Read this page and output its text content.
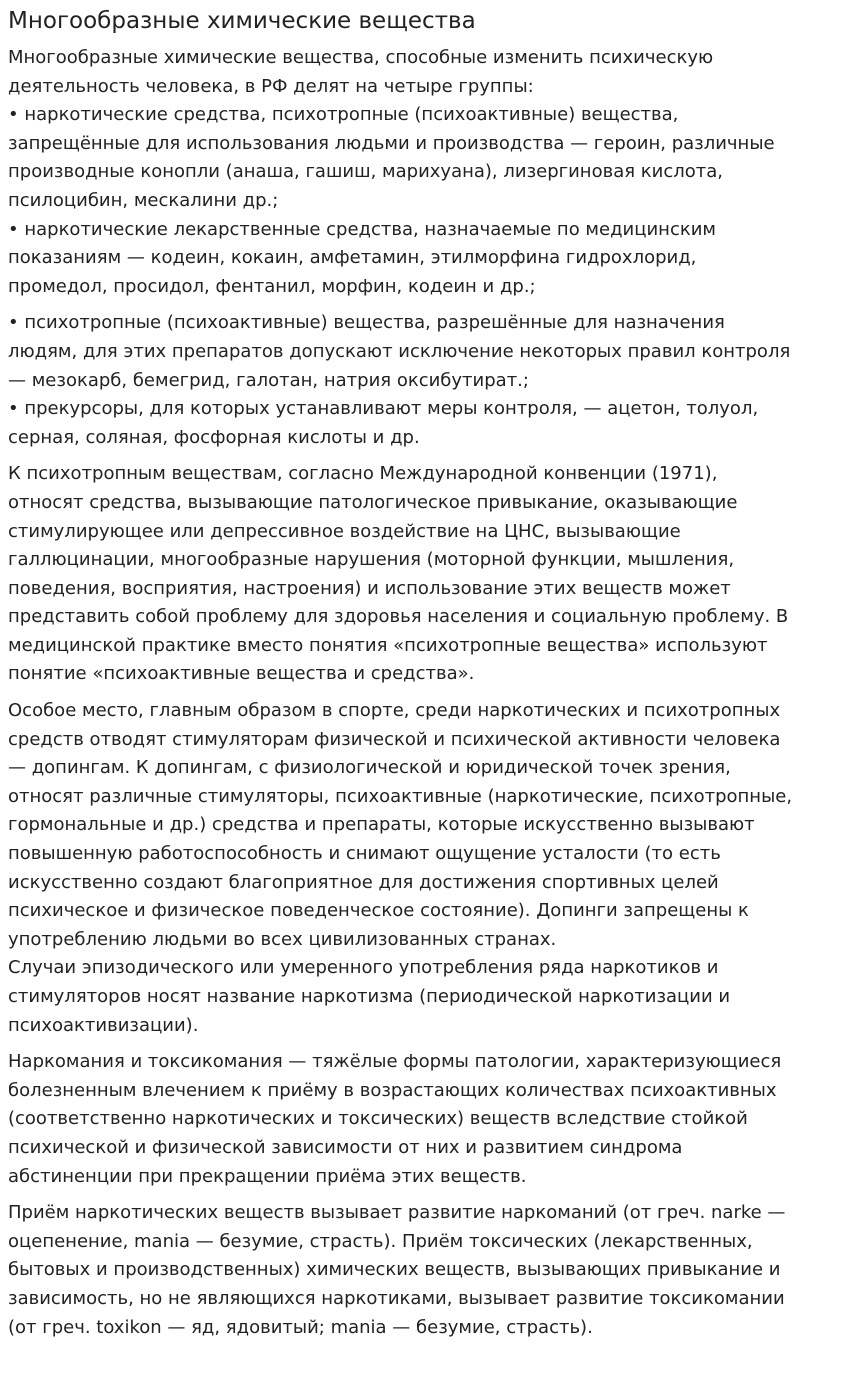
Многообразные химические вещества

Многообразные химические вещества, способные изменить психическую
деятельность человека, в РФ делят на четыре группы:
• наркотические средства, психотропные (психоактивные) вещества,
запрещённые для использования людьми и производства — героин, различные
производные конопли (анаша, гашиш, марихуана), лизергиновая кислота,
псилоцибин, мескалини др.;
• наркотические лекарственные средства, назначаемые по медицинским
показаниям — кодеин, кокаин, амфетамин, этилморфина гидрохлорид,
промедол, просидол, фентанил, морфин, кодеин и др.;

• психотропные (психоактивные) вещества, разрешённые для назначения
людям, для этих препаратов допускают исключение некоторых правил контроля
— мезокарб, бемегрид, галотан, натрия оксибутират.;
• прекурсоры, для которых устанавливают меры контроля, — ацетон, толуол,
серная, соляная, фосфорная кислоты и др.

К психотропным веществам, согласно Международной конвенции (1971),
относят средства, вызывающие патологическое привыкание, оказывающие
стимулирующее или депрессивное воздействие на ЦНС, вызывающие
галлюцинации, многообразные нарушения (моторной функции, мышления,
поведения, восприятия, настроения) и использование этих веществ может
представить собой проблему для здоровья населения и социальную проблему. В
медицинской практике вместо понятия «психотропные вещества» используют
понятие «психоактивные вещества и средства».

Особое место, главным образом в спорте, среди наркотических и психотропных
средств отводят стимуляторам физической и психической активности человека
— допингам. К допингам, с физиологической и юридической точек зрения,
относят различные стимуляторы, психоактивные (наркотические, психотропные,
гормональные и др.) средства и препараты, которые искусственно вызывают
повышенную работоспособность и снимают ощущение усталости (то есть
искусственно создают благоприятное для достижения спортивных целей
психическое и физическое поведенческое состояние). Допинги запрещены к
употреблению людьми во всех цивилизованных странах.
Случаи эпизодического или умеренного употребления ряда наркотиков и
стимуляторов носят название наркотизма (периодической наркотизации и
психоактивизации).

Наркомания и токсикомания — тяжёлые формы патологии, характеризующиеся
болезненным влечением к приёму в возрастающих количествах психоактивных
(соответственно наркотических и токсических) веществ вследствие стойкой
психической и физической зависимости от них и развитием синдрома
абстиненции при прекращении приёма этих веществ.

Приём наркотических веществ вызывает развитие наркоманий (от греч. narke —
оцепенение, mania — безумие, страсть). Приём токсических (лекарственных,
бытовых и производственных) химических веществ, вызывающих привыкание и
зависимость, но не являющихся наркотиками, вызывает развитие токсикомании
(от греч. toxikon — яд, ядовитый; mania — безумие, страсть).
